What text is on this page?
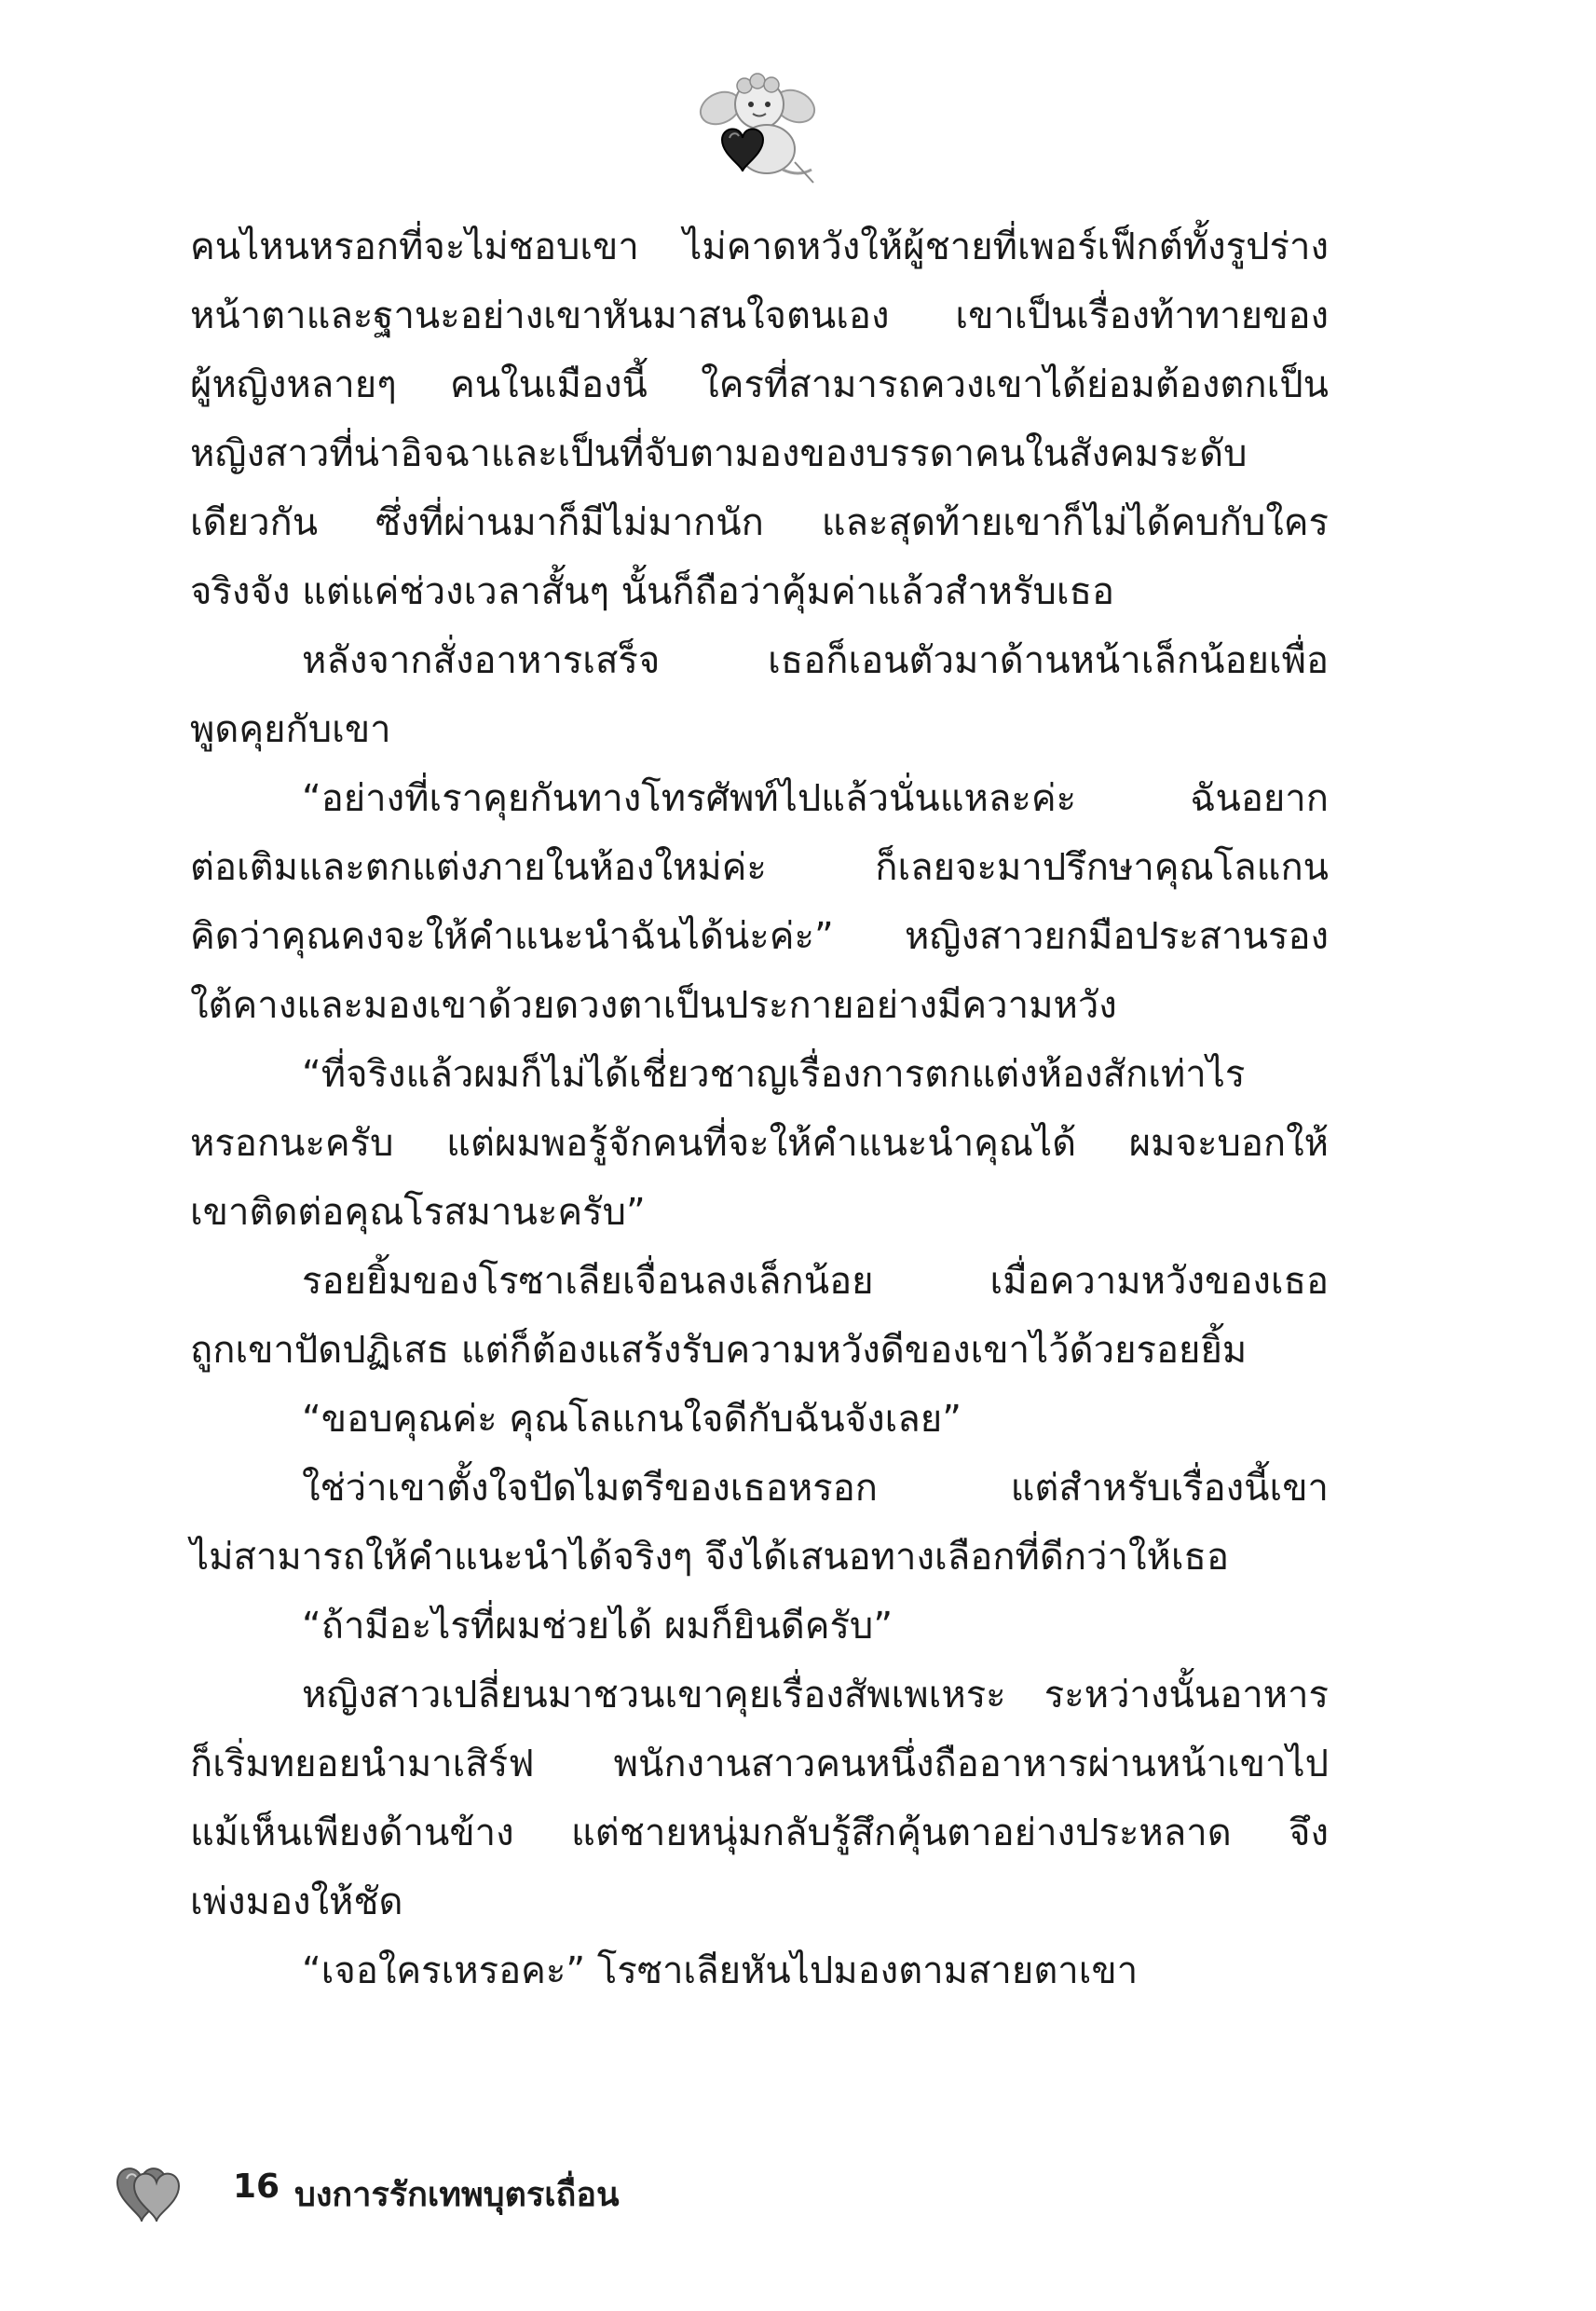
คนไหนหรอกที่จะไม่ชอบเขา ไม่คาดหวังให้ผู้ชายที่เพอร์เฟ็กต์ทั้งรูปร่าง
หน้าตาและฐานะอย่างเขาหันมาสนใจตนเอง เขาเป็นเรื่องท้าทายของ
ผู้หญิงหลายๆ คนในเมืองนี้ ใครที่สามารถควงเขาได้ย่อมต้องตกเป็น
หญิงสาวที่น่าอิจฉาและเป็นที่จับตามองของบรรดาคนในสังคมระดับ
เดียวกัน ซึ่งที่ผ่านมาก็มีไม่มากนัก และสุดท้ายเขาก็ไม่ได้คบกับใคร
จริงจัง แต่แค่ช่วงเวลาสั้นๆ นั้นก็ถือว่าคุ้มค่าแล้วสำหรับเธอ
หลังจากสั่งอาหารเสร็จ เธอก็เอนตัวมาด้านหน้าเล็กน้อยเพื่อ
พูดคุยกับเขา
“อย่างที่เราคุยกันทางโทรศัพท์ไปแล้วนั่นแหละค่ะ ฉันอยาก
ต่อเติมและตกแต่งภายในห้องใหม่ค่ะ ก็เลยจะมาปรึกษาคุณโลแกน
คิดว่าคุณคงจะให้คำแนะนำฉันได้น่ะค่ะ” หญิงสาวยกมือประสานรอง
ใต้คางและมองเขาด้วยดวงตาเป็นประกายอย่างมีความหวัง
“ที่จริงแล้วผมก็ไม่ได้เชี่ยวชาญเรื่องการตกแต่งห้องสักเท่าไร
หรอกนะครับ แต่ผมพอรู้จักคนที่จะให้คำแนะนำคุณได้ ผมจะบอกให้
เขาติดต่อคุณโรสมานะครับ”
รอยยิ้มของโรซาเลียเจื่อนลงเล็กน้อย เมื่อความหวังของเธอ
ถูกเขาปัดปฏิเสธ แต่ก็ต้องแสร้งรับความหวังดีของเขาไว้ด้วยรอยยิ้ม
“ขอบคุณค่ะ คุณโลแกนใจดีกับฉันจังเลย”
ใช่ว่าเขาตั้งใจปัดไมตรีของเธอหรอก แต่สำหรับเรื่องนี้เขา
ไม่สามารถให้คำแนะนำได้จริงๆ จึงได้เสนอทางเลือกที่ดีกว่าให้เธอ
“ถ้ามีอะไรที่ผมช่วยได้ ผมก็ยินดีครับ”
หญิงสาวเปลี่ยนมาชวนเขาคุยเรื่องสัพเพเหระ ระหว่างนั้นอาหาร
ก็เริ่มทยอยนำมาเสิร์ฟ พนักงานสาวคนหนึ่งถืออาหารผ่านหน้าเขาไป
แม้เห็นเพียงด้านข้าง แต่ชายหนุ่มกลับรู้สึกคุ้นตาอย่างประหลาด จึง
เพ่งมองให้ชัด
“เจอใครเหรอคะ” โรซาเลียหันไปมองตามสายตาเขา
16 บงการรักเทพบุตรเถื่อน
